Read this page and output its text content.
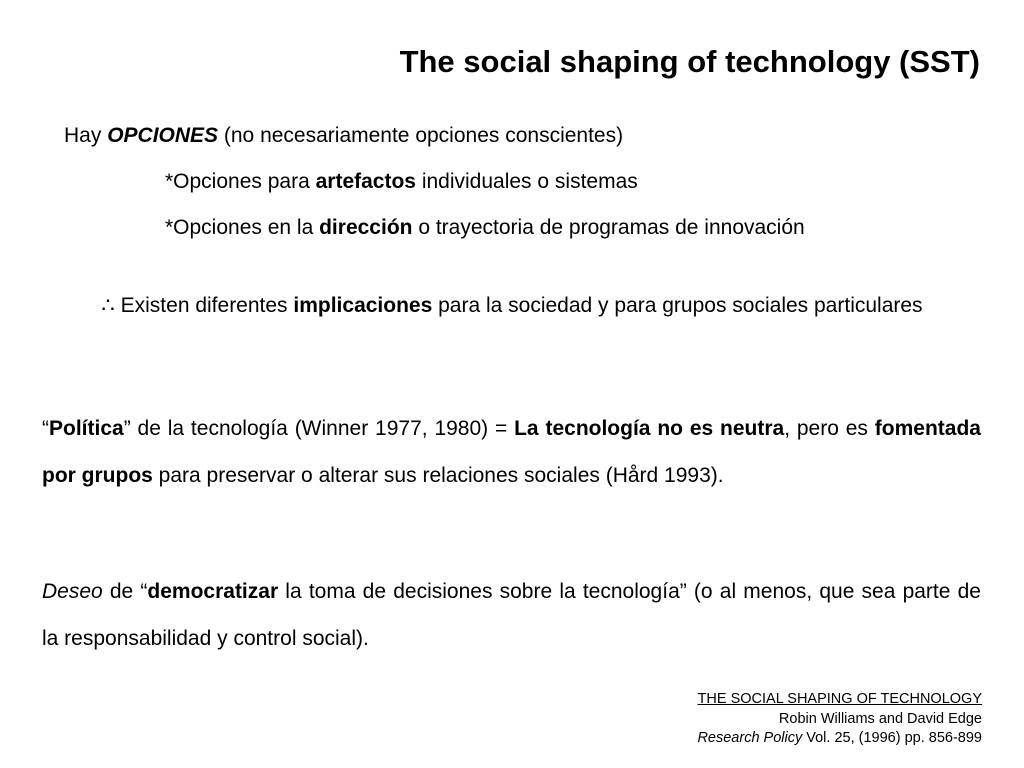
The social shaping of technology (SST)
Hay OPCIONES (no necesariamente opciones conscientes)
*Opciones para artefactos individuales o sistemas
*Opciones en la dirección o trayectoria de programas de innovación
∴ Existen diferentes implicaciones para la sociedad y para grupos sociales particulares
“Política” de la tecnología (Winner 1977, 1980) = La tecnología no es neutra, pero es fomentada por grupos para preservar o alterar sus relaciones sociales (Hård 1993).
Deseo de “democratizar la toma de decisiones sobre la tecnología” (o al menos, que sea parte de la responsabilidad y control social).
THE SOCIAL SHAPING OF TECHNOLOGY
Robin Williams and David Edge
Research Policy Vol. 25, (1996) pp. 856-899
